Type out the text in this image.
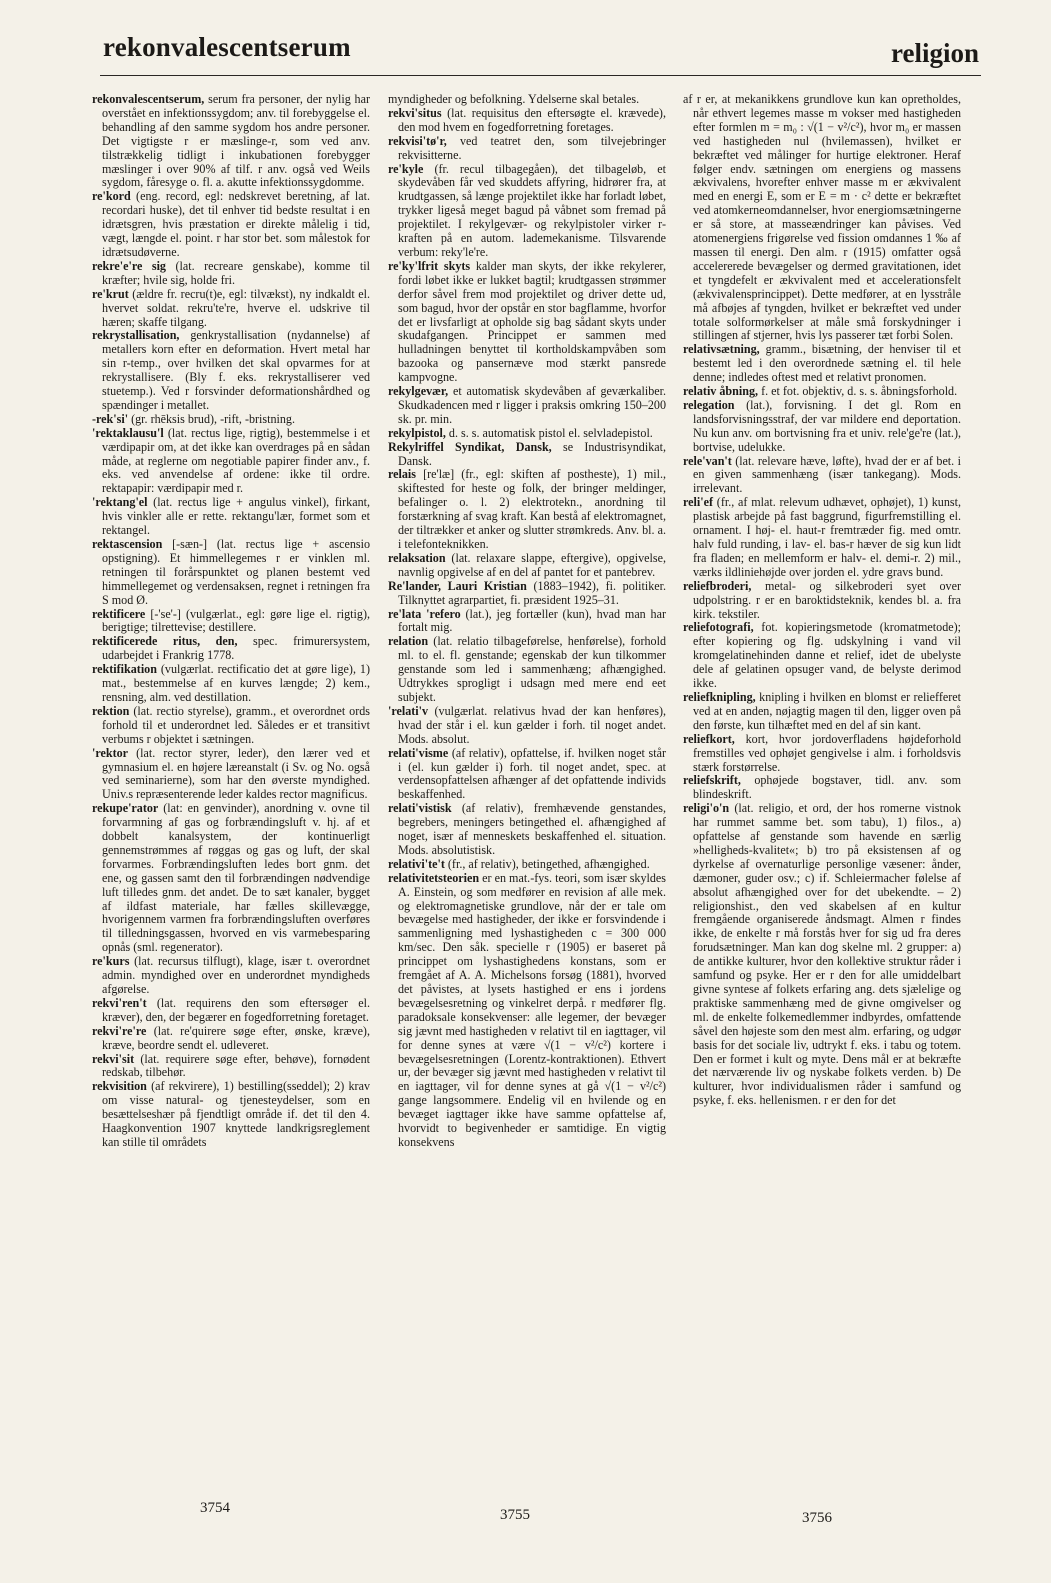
rekonvalescentserum	religion

rekonvalescentserum, serum fra personer, der nylig har overstået en infektionssygdom; anv. til forebyggelse el. behandling af den samme sygdom hos andre personer. Det vigtigste r er mæslinge-r, som ved anv. tilstrækkelig tidligt i inkubationen forebygger mæslinger i over 90% af tilf. r anv. også ved Weils sygdom, fåresyge o. fl. a. akutte infektionssygdomme.

re'kord (eng. record, egl: nedskrevet beretning, af lat. recordari huske), det til enhver tid bedste resultat i en idrætsgren, hvis præstation er direkte målelig i tid, vægt, længde el. point. r har stor bet. som målestok for idrætsudøverne.

rekre'e're sig (lat. recreare genskabe), komme til kræfter; hvile sig, holde fri.

re'krut (ældre fr. recru(t)e, egl: tilvækst), ny indkaldt el. hvervet soldat. rekru'te're, hverve el. udskrive til hæren; skaffe tilgang.

rekrystallisation, genkrystallisation (nydannelse) af metallers korn efter en deformation. Hvert metal har sin r-temp., over hvilken det skal opvarmes for at rekrystallisere. (Bly f. eks. rekrystalliserer ved stuetemp.). Ved r forsvinder deformationshårdhed og spændinger i metallet.

-rek'si' (gr. rhēksis brud), -rift, -bristning.

'rektaklausu'l (lat. rectus lige, rigtig), bestemmelse i et værdipapir om, at det ikke kan overdrages på en sådan måde, at reglerne om negotiable papirer finder anv., f. eks. ved anvendelse af ordene: ikke til ordre. rektapapir: værdipapir med r.

'rektang'el (lat. rectus lige + angulus vinkel), firkant, hvis vinkler alle er rette. rektangu'lær, formet som et rektangel.

rektascension [-sæn-] (lat. rectus lige + ascensio opstigning). Et himmellegemes r er vinklen ml. retningen til forårspunktet og planen bestemt ved himmellegemet og verdensaksen, regnet i retningen fra S mod Ø.

rektificere [-'se'-] (vulgærlat., egl: gøre lige el. rigtig), berigtige; tilrettevise; destillere.

rektificerede ritus, den, spec. frimurersystem, udarbejdet i Frankrig 1778.

rektifikation (vulgærlat. rectificatio det at gøre lige), 1) mat., bestemmelse af en kurves længde; 2) kem., rensning, alm. ved destillation.

rektion (lat. rectio styrelse), gramm., et overordnet ords forhold til et underordnet led. Således er et transitivt verbums r objektet i sætningen.

'rektor (lat. rector styrer, leder), den lærer ved et gymnasium el. en højere læreanstalt (i Sv. og No. også ved seminarierne), som har den øverste myndighed. Univ.s repræsenterende leder kaldes rector magnificus.

rekupe'rator (lat: en genvinder), anordning v. ovne til forvarmning af gas og forbrændingsluft v. hj. af et dobbelt kanalsystem, der kontinuerligt gennemstrømmes af røggas og gas og luft, der skal forvarmes. Forbrændingsluften ledes bort gnm. det ene, og gassen samt den til forbrændingen nødvendige luft tilledes gnm. det andet. De to sæt kanaler, bygget af ildfast materiale, har fælles skillevægge, hvorigennem varmen fra forbrændingsluften overføres til tilledningsgassen, hvorved en vis varmebesparing opnås (sml. regenerator).

re'kurs (lat. recursus tilflugt), klage, især t. overordnet admin. myndighed over en underordnet myndigheds afgørelse.

rekvi'ren't (lat. requirens den som eftersøger el. kræver), den, der begærer en fogedforretning foretaget.

rekvi're're (lat. re'quirere søge efter, ønske, kræve), kræve, beordre sendt el. udleveret.

rekvi'sit (lat. requirere søge efter, behøve), fornødent redskab, tilbehør.

rekvisition (af rekvirere), 1) bestilling(sseddel); 2) krav om visse natural- og tjenesteydelser, som en besættelseshær på fjendtligt område if. det til den 4. Haagkonvention 1907 knyttede landkrigsreglement kan stille til områdets

myndigheder og befolkning. Ydelserne skal betales.

rekvi'situs (lat. requisitus den eftersøgte el. krævede), den mod hvem en fogedforretning foretages.

rekvisi'tø'r, ved teatret den, som tilvejebringer rekvisitterne.

re'kyle (fr. recul tilbagegåen), det tilbageløb, et skydevåben får ved skuddets affyring, hidrører fra, at krudtgassen, så længe projektilet ikke har forladt løbet, trykker ligeså meget bagud på våbnet som fremad på projektilet. I rekylgevær- og rekylpistoler virker r-kraften på en autom. lademekanisme. Tilsvarende verbum: reky'le're.

re'ky'lfrit skyts kalder man skyts, der ikke rekylerer, fordi løbet ikke er lukket bagtil; krudtgassen strømmer derfor såvel frem mod projektilet og driver dette ud, som bagud, hvor der opstår en stor bagflamme, hvorfor det er livsfarligt at opholde sig bag sådant skyts under skudafgangen. Princippet er sammen med hulladningen benyttet til kortholdskampvåben som bazooka og pansernæve mod stærkt pansrede kampvogne.

rekylgevær, et automatisk skydevåben af geværkaliber. Skudkadencen med r ligger i praksis omkring 150–200 sk. pr. min.

rekylpistol, d. s. s. automatisk pistol el. selvladepistol.

Rekylriffel Syndikat, Dansk, se Industrisyndikat, Dansk.

relais [re'læ] (fr., egl: skiften af postheste), 1) mil., skiftested for heste og folk, der bringer meldinger, befalinger o. l. 2) elektrotekn., anordning til forstærkning af svag kraft. Kan bestå af elektromagnet, der tiltrækker et anker og slutter strømkreds. Anv. bl. a. i telefonteknikken.

relaksation (lat. relaxare slappe, eftergive), opgivelse, navnlig opgivelse af en del af pantet for et pantebrev.

Re'lander, Lauri Kristian (1883–1942), fi. politiker. Tilknyttet agrarpartiet, fi. præsident 1925–31.

re'lata 'refero (lat.), jeg fortæller (kun), hvad man har fortalt mig.

relation (lat. relatio tilbageførelse, henførelse), forhold ml. to el. fl. genstande; egenskab der kun tilkommer genstande som led i sammenhæng; afhængighed. Udtrykkes sprogligt i udsagn med mere end eet subjekt.

'relati'v (vulgærlat. relativus hvad der kan henføres), hvad der står i el. kun gælder i forh. til noget andet. Mods. absolut.

relati'visme (af relativ), opfattelse, if. hvilken noget står i (el. kun gælder i) forh. til noget andet, spec. at verdensopfattelsen afhænger af det opfattende individs beskaffenhed.

relati'vistisk (af relativ), fremhævende genstandes, begrebers, meningers betingethed el. afhængighed af noget, især af menneskets beskaffenhed el. situation. Mods. absolutistisk.

relativi'te't (fr., af relativ), betingethed, afhængighed.

relativitetsteorien er en mat.-fys. teori, som især skyldes A. Einstein, og som medfører en revision af alle mek. og elektromagnetiske grundlove, når der er tale om bevægelse med hastigheder, der ikke er forsvindende i sammenligning med lyshastigheden c = 300 000 km/sec. Den såk. specielle r (1905) er baseret på princippet om lyshastighedens konstans, som er fremgået af A. A. Michelsons forsøg (1881), hvorved det påvistes, at lysets hastighed er ens i jordens bevægelsesretning og vinkelret derpå. r medfører flg. paradoksale konsekvenser: alle legemer, der bevæger sig jævnt med hastigheden v relativt til en iagttager, vil for denne synes at være √(1 − v²/c²) kortere i bevægelsesretningen (Lorentz-kontraktionen). Ethvert ur, der bevæger sig jævnt med hastigheden v relativt til en iagttager, vil for denne synes at gå √(1 − v²/c²) gange langsommere. Endelig vil en hvilende og en bevæget iagttager ikke have samme opfattelse af, hvorvidt to begivenheder er samtidige. En vigtig konsekvens

af r er, at mekanikkens grundlove kun kan opretholdes, når ethvert legemes masse m vokser med hastigheden efter formlen m = m₀ : √(1 − v²/c²), hvor m₀ er massen ved hastigheden nul (hvilemassen), hvilket er bekræftet ved målinger for hurtige elektroner. Heraf følger endv. sætningen om energiens og massens ækvivalens, hvorefter enhver masse m er ækvivalent med en energi E, som er E = m · c² dette er bekræftet ved atomkerneomdannelser, hvor energiomsætningerne er så store, at masseændringer kan påvises. Ved atomenergiens frigørelse ved fission omdannes 1 ‰ af massen til energi. Den alm. r (1915) omfatter også accelererede bevægelser og dermed gravitationen, idet et tyngdefelt er ækvivalent med et accelerationsfelt (ækvivalensprincippet). Dette medfører, at en lysstråle må afbøjes af tyngden, hvilket er bekræftet ved under totale solformørkelser at måle små forskydninger i stillingen af stjerner, hvis lys passerer tæt forbi Solen.

relativsætning, gramm., bisætning, der henviser til et bestemt led i den overordnede sætning el. til hele denne; indledes oftest med et relativt pronomen.

relativ åbning, f. et fot. objektiv, d. s. s. åbningsforhold.

relegation (lat.), forvisning. I det gl. Rom en landsforvisningsstraf, der var mildere end deportation. Nu kun anv. om bortvisning fra et univ. rele'ge're (lat.), bortvise, udelukke.

rele'van't (lat. relevare hæve, løfte), hvad der er af bet. i en given sammenhæng (især tankegang). Mods. irrelevant.

reli'ef (fr., af mlat. relevum udhævet, ophøjet), 1) kunst, plastisk arbejde på fast baggrund, figurfremstilling el. ornament. I høj- el. haut-r fremtræder fig. med omtr. halv fuld runding, i lav- el. bas-r hæver de sig kun lidt fra fladen; en mellemform er halv- el. demi-r. 2) mil., værks ildliniehøjde over jorden el. ydre gravs bund.

reliefbroderi, metal- og silkebroderi syet over udpolstring. r er en baroktidsteknik, kendes bl. a. fra kirk. tekstiler.

reliefotografi, fot. kopieringsmetode (kromatmetode); efter kopiering og flg. udskylning i vand vil kromgelatinehinden danne et relief, idet de ubelyste dele af gelatinen opsuger vand, de belyste derimod ikke.

reliefknipling, knipling i hvilken en blomst er reliefferet ved at en anden, nøjagtig magen til den, ligger oven på den første, kun tilhæftet med en del af sin kant.

reliefkort, kort, hvor jordoverfladens højdeforhold fremstilles ved ophøjet gengivelse i alm. i forholdsvis stærk forstørrelse.

reliefskrift, ophøjede bogstaver, tidl. anv. som blindeskrift.

religi'o'n (lat. religio, et ord, der hos romerne vistnok har rummet samme bet. som tabu), 1) filos., a) opfattelse af genstande som havende en særlig »helligheds-kvalitet«; b) tro på eksistensen af og dyrkelse af overnaturlige personlige væsener: ånder, dæmoner, guder osv.; c) if. Schleiermacher følelse af absolut afhængighed over for det ubekendte. – 2) religionshist., den ved skabelsen af en kultur fremgående organiserede åndsmagt. Almen r findes ikke, de enkelte r må forstås hver for sig ud fra deres forudsætninger. Man kan dog skelne ml. 2 grupper: a) de antikke kulturer, hvor den kollektive struktur råder i samfund og psyke. Her er r den for alle umiddelbart givne syntese af folkets erfaring ang. dets sjælelige og praktiske sammenhæng med de givne omgivelser og ml. de enkelte folkemedlemmer indbyrdes, omfattende såvel den højeste som den mest alm. erfaring, og udgør basis for det sociale liv, udtrykt f. eks. i tabu og totem. Den er formet i kult og myte. Dens mål er at bekræfte det nærværende liv og nyskabe folkets verden. b) De kulturer, hvor individualismen råder i samfund og psyke, f. eks. hellenismen. r er den for det

3754	3755	3756
